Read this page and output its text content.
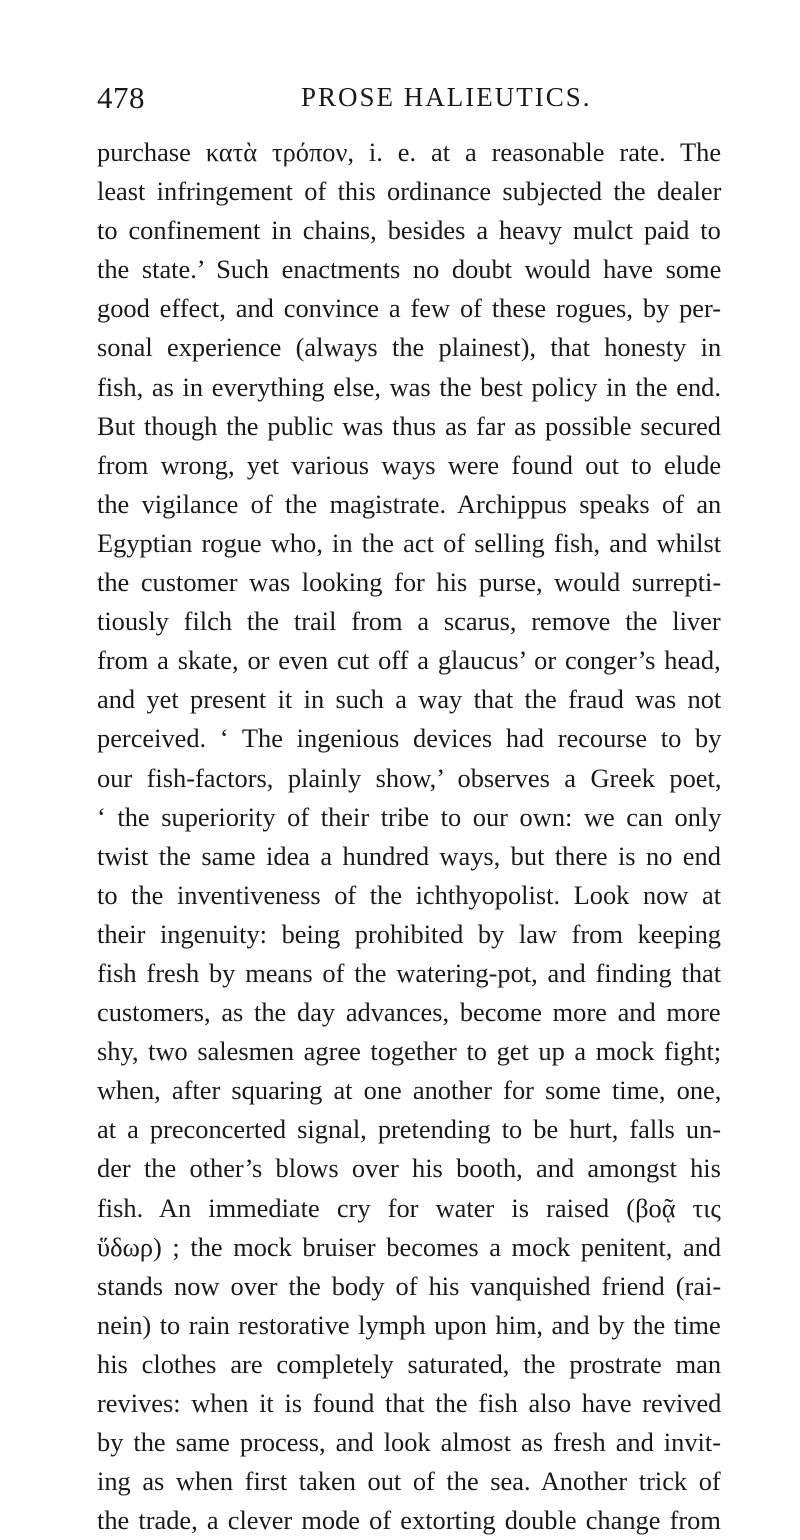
478	PROSE HALIEUTICS.
purchase κατὰ τρόπον, i. e. at a reasonable rate. The
least infringement of this ordinance subjected the dealer
to confinement in chains, besides a heavy mulct paid to
the state.’ Such enactments no doubt would have some
good effect, and convince a few of these rogues, by per-
sonal experience (always the plainest), that honesty in
fish, as in everything else, was the best policy in the end.
But though the public was thus as far as possible secured
from wrong, yet various ways were found out to elude
the vigilance of the magistrate. Archippus speaks of an
Egyptian rogue who, in the act of selling fish, and whilst
the customer was looking for his purse, would surrepti-
tiously filch the trail from a scarus, remove the liver
from a skate, or even cut off a glaucus’ or conger’s head,
and yet present it in such a way that the fraud was not
perceived. ‘ The ingenious devices had recourse to by
our fish-factors, plainly show,’ observes a Greek poet,
‘ the superiority of their tribe to our own: we can only
twist the same idea a hundred ways, but there is no end
to the inventiveness of the ichthyopolist. Look now at
their ingenuity: being prohibited by law from keeping
fish fresh by means of the watering-pot, and finding that
customers, as the day advances, become more and more
shy, two salesmen agree together to get up a mock fight;
when, after squaring at one another for some time, one,
at a preconcerted signal, pretending to be hurt, falls un-
der the other’s blows over his booth, and amongst his
fish. An immediate cry for water is raised (βοᾷ τις
ὕδωρ) ; the mock bruiser becomes a mock penitent, and
stands now over the body of his vanquished friend (rai-
nein) to rain restorative lymph upon him, and by the time
his clothes are completely saturated, the prostrate man
revives: when it is found that the fish also have revived
by the same process, and look almost as fresh and invit-
ing as when first taken out of the sea. Another trick of
the trade, a clever mode of extorting double change from
